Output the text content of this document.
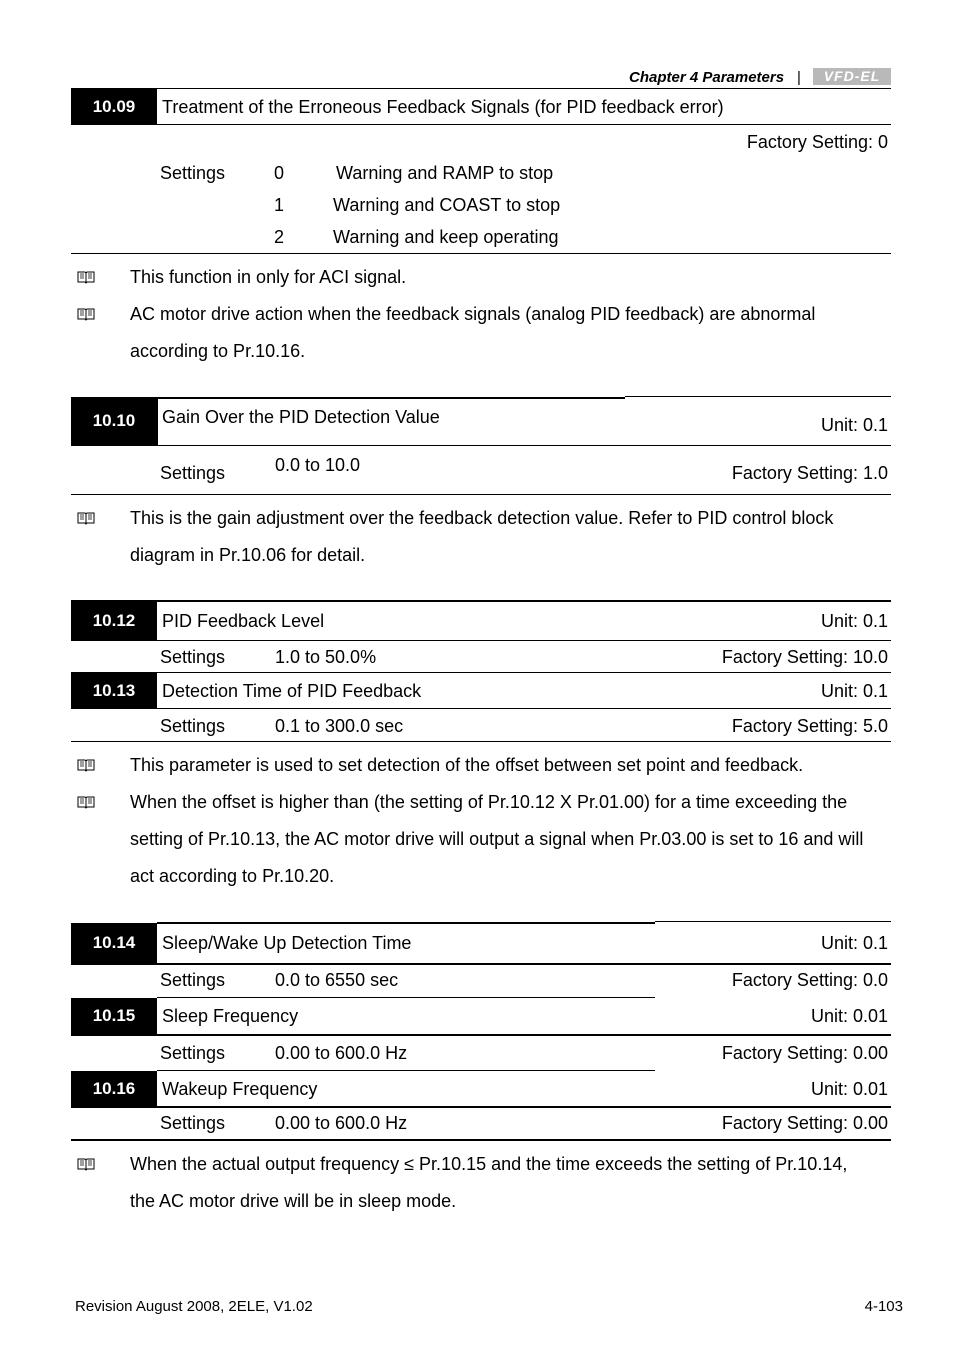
Chapter 4 Parameters |	VFD-EL
10.09	Treatment of the Erroneous Feedback Signals (for PID feedback error)
Factory Setting: 0
Settings	0	Warning and RAMP to stop
1	Warning and COAST to stop
2	Warning and keep operating
This function in only for ACI signal.
AC motor drive action when the feedback signals (analog PID feedback) are abnormal
according to Pr.10.16.
10.10	Gain Over the PID Detection Value	Unit: 0.1
Settings	0.0 to 10.0	Factory Setting: 1.0
This is the gain adjustment over the feedback detection value. Refer to PID control block
diagram in Pr.10.06 for detail.
10.12	PID Feedback Level	Unit: 0.1
Settings	1.0 to 50.0%	Factory Setting: 10.0
10.13	Detection Time of PID Feedback	Unit: 0.1
Settings	0.1 to 300.0 sec	Factory Setting: 5.0
This parameter is used to set detection of the offset between set point and feedback.
When the offset is higher than (the setting of Pr.10.12 X Pr.01.00) for a time exceeding the
setting of Pr.10.13, the AC motor drive will output a signal when Pr.03.00 is set to 16 and will
act according to Pr.10.20.
10.14	Sleep/Wake Up Detection Time	Unit: 0.1
Settings	0.0 to 6550 sec	Factory Setting: 0.0
10.15	Sleep Frequency	Unit: 0.01
Settings	0.00 to 600.0 Hz	Factory Setting: 0.00
10.16	Wakeup Frequency	Unit: 0.01
Settings	0.00 to 600.0 Hz	Factory Setting: 0.00
When the actual output frequency ≤ Pr.10.15 and the time exceeds the setting of Pr.10.14,
the AC motor drive will be in sleep mode.
Revision August 2008, 2ELE, V1.02	4-103
